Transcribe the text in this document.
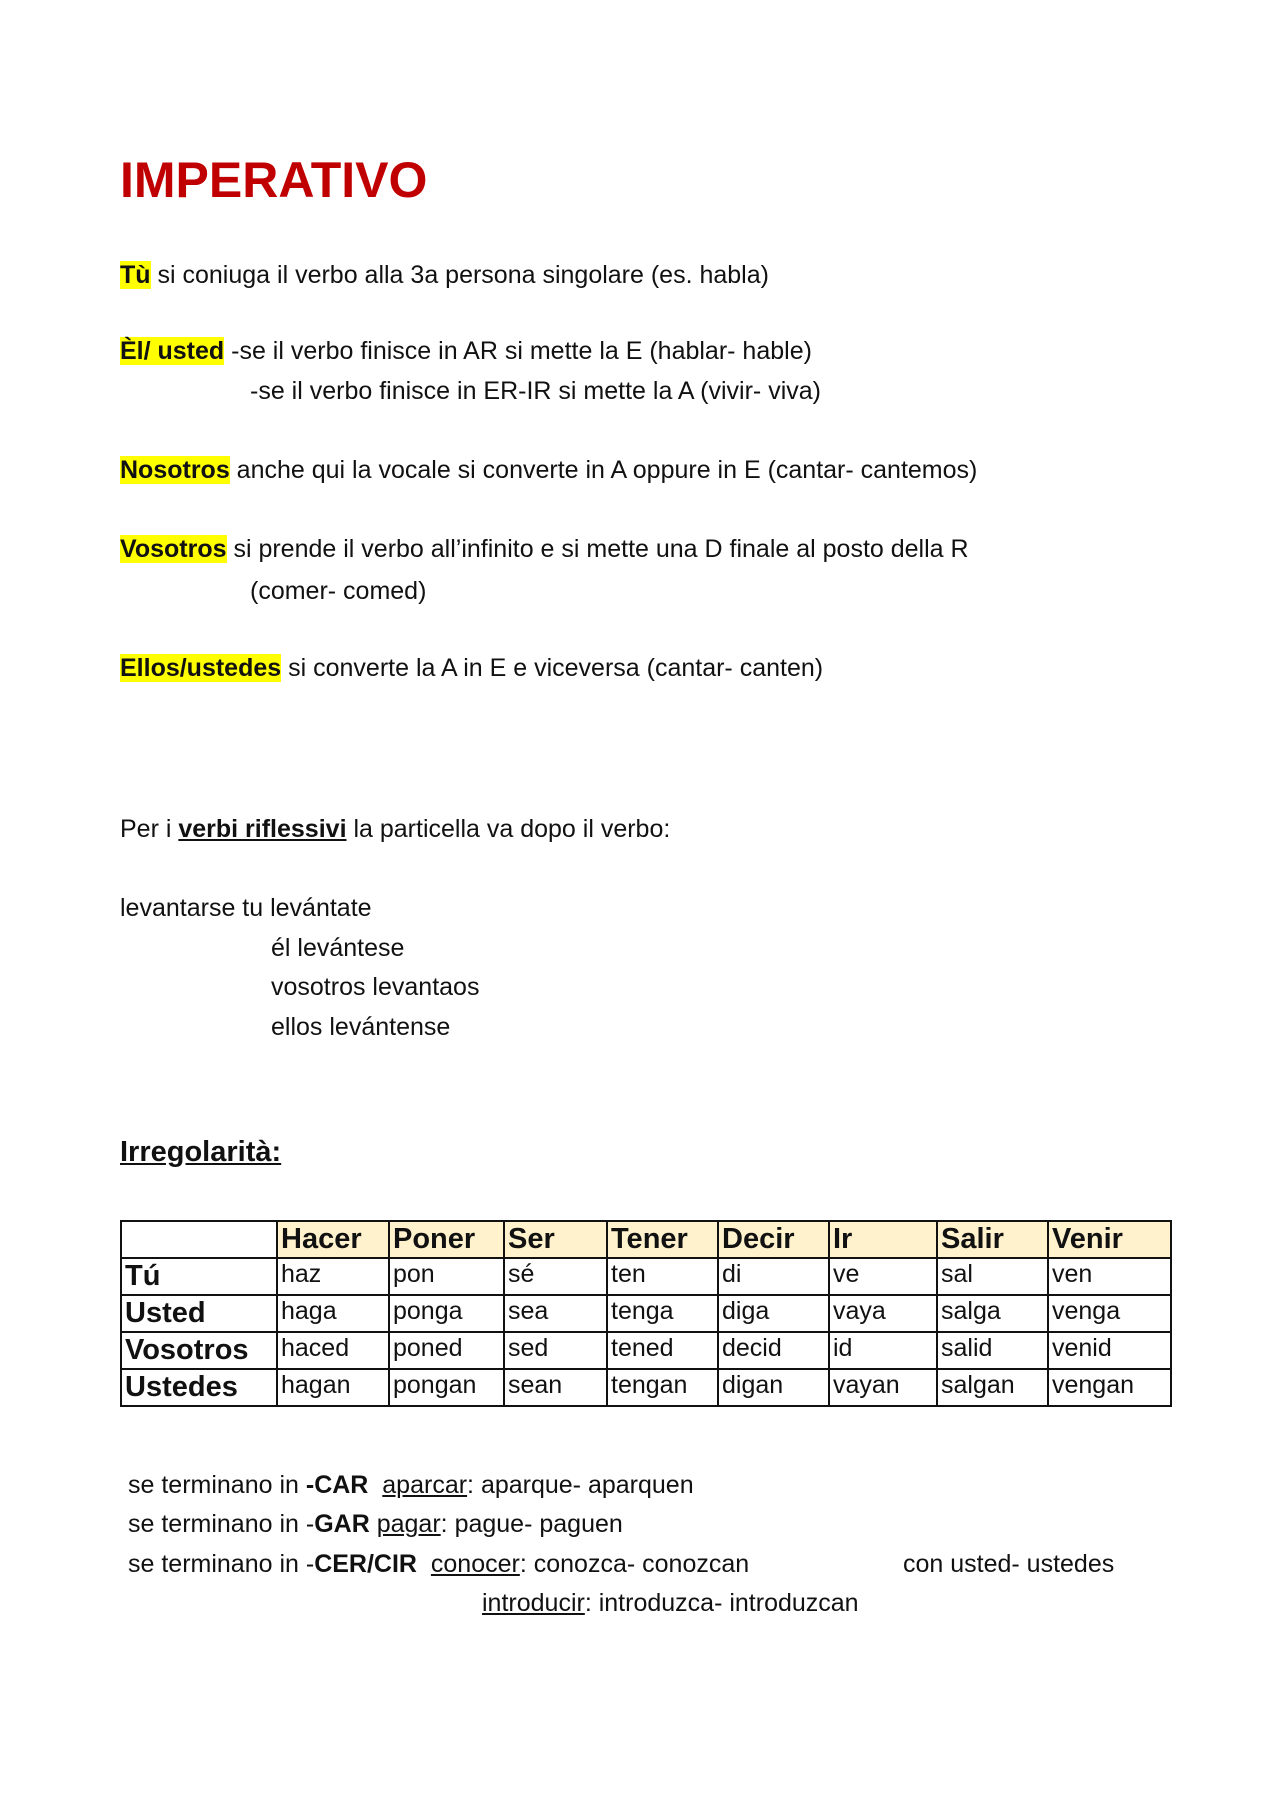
IMPERATIVO
Tù si coniuga il verbo alla 3a persona singolare (es. habla)
Èl/ usted -se il verbo finisce in AR si mette la E (hablar- hable)
-se il verbo finisce in ER-IR si mette la A (vivir- viva)
Nosotros anche qui la vocale si converte in A oppure in E (cantar- cantemos)
Vosotros si prende il verbo all’infinito e si mette una D finale al posto della R
(comer- comed)
Ellos/ustedes si converte la A in E e viceversa (cantar- canten)
Per i verbi riflessivi la particella va dopo il verbo:
levantarse tu levántate
él levántese
vosotros levantaos
ellos levántense
Irregolarità:
	Hacer	Poner	Ser	Tener	Decir	Ir	Salir	Venir
Tú	haz	pon	sé	ten	di	ve	sal	ven
Usted	haga	ponga	sea	tenga	diga	vaya	salga	venga
Vosotros	haced	poned	sed	tened	decid	id	salid	venid
Ustedes	hagan	pongan	sean	tengan	digan	vayan	salgan	vengan
se terminano in -CAR aparcar: aparque- aparquen
se terminano in -GAR pagar: pague- paguen
se terminano in -CER/CIR conocer: conozca- conozcan	con usted- ustedes
introducir: introduzca- introduzcan
